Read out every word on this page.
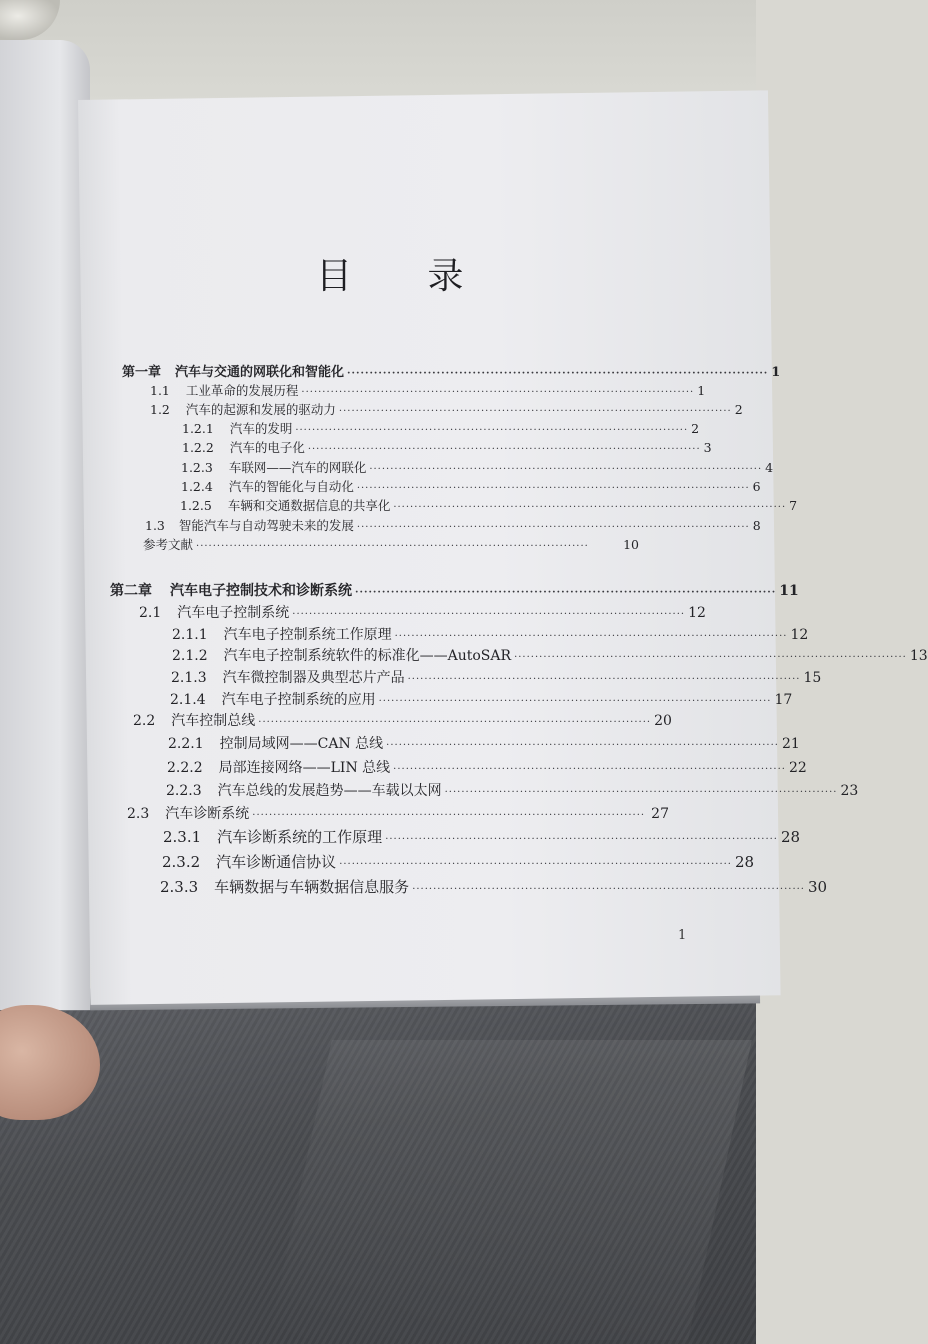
目 录
第一章 汽车与交通的网联化和智能化 ······························································································ 1
1.1 工业革命的发展历程 ······························································································ 1
1.2 汽车的起源和发展的驱动力 ······························································································ 2
1.2.1 汽车的发明 ······························································································ 2
1.2.2 汽车的电子化 ······························································································ 3
1.2.3 车联网——汽车的网联化 ······························································································ 4
1.2.4 汽车的智能化与自动化 ······························································································ 6
1.2.5 车辆和交通数据信息的共享化 ······························································································ 7
1.3 智能汽车与自动驾驶未来的发展 ······························································································ 8
参考文献 ······························································································	10
第二章 汽车电子控制技术和诊断系统 ······························································································ 11
2.1 汽车电子控制系统 ······························································································ 12
2.1.1 汽车电子控制系统工作原理 ······························································································ 12
2.1.2 汽车电子控制系统软件的标准化——AutoSAR ······························································································ 13
2.1.3 汽车微控制器及典型芯片产品 ······························································································ 15
2.1.4 汽车电子控制系统的应用 ······························································································ 17
2.2 汽车控制总线 ······························································································ 20
2.2.1 控制局域网——CAN 总线 ······························································································ 21
2.2.2 局部连接网络——LIN 总线 ······························································································ 22
2.2.3 汽车总线的发展趋势——车载以太网 ······························································································ 23
2.3 汽车诊断系统 ······························································································ 27
2.3.1 汽车诊断系统的工作原理 ······························································································ 28
2.3.2 汽车诊断通信协议 ······························································································ 28
2.3.3 车辆数据与车辆数据信息服务 ······························································································ 30
1
